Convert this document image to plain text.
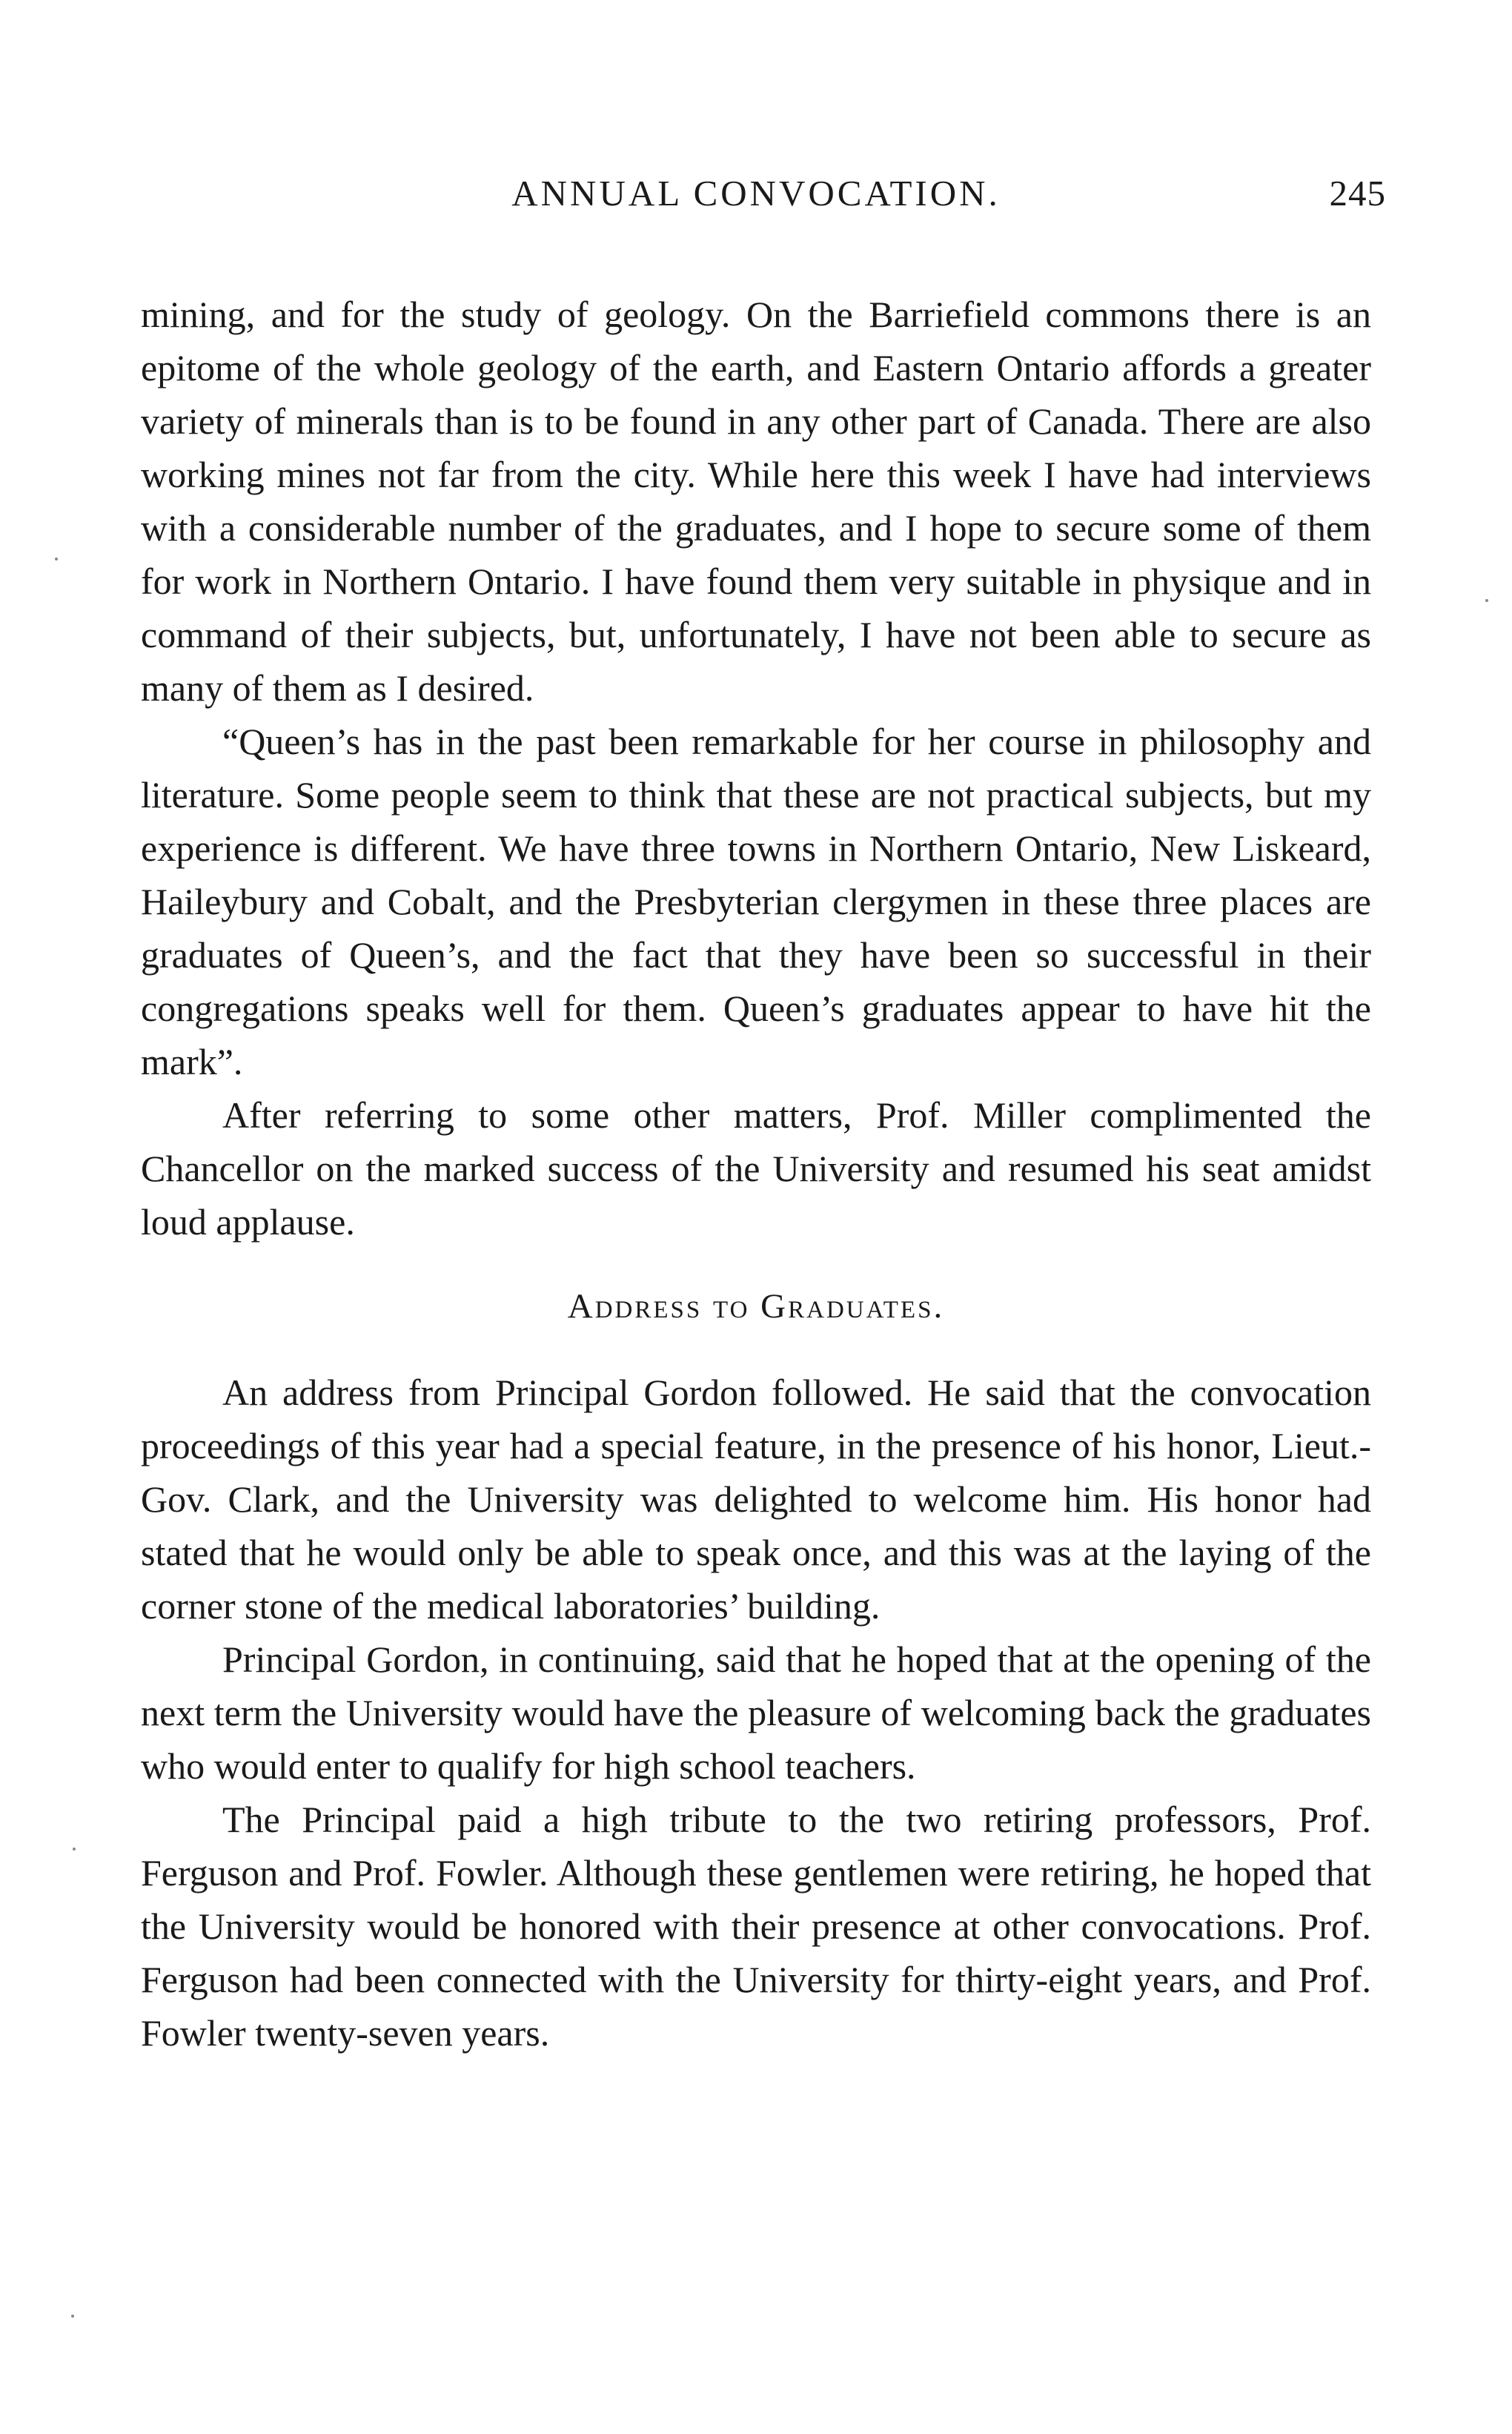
ANNUAL CONVOCATION.	245

mining, and for the study of geology. On the Barriefield commons there is an epitome of the whole geology of the earth, and Eastern Ontario affords a greater variety of minerals than is to be found in any other part of Canada. There are also working mines not far from the city. While here this week I have had interviews with a considerable number of the graduates, and I hope to secure some of them for work in Northern Ontario. I have found them very suitable in physique and in command of their subjects, but, unfortunately, I have not been able to secure as many of them as I desired.

“Queen’s has in the past been remarkable for her course in philosophy and literature. Some people seem to think that these are not practical subjects, but my experience is different. We have three towns in Northern Ontario, New Liskeard, Haileybury and Cobalt, and the Presbyterian clergymen in these three places are graduates of Queen’s, and the fact that they have been so successful in their congregations speaks well for them. Queen’s graduates appear to have hit the mark”.

After referring to some other matters, Prof. Miller complimented the Chancellor on the marked success of the University and resumed his seat amidst loud applause.

Address to Graduates.

An address from Principal Gordon followed. He said that the convocation proceedings of this year had a special feature, in the presence of his honor, Lieut.-Gov. Clark, and the University was delighted to welcome him. His honor had stated that he would only be able to speak once, and this was at the laying of the corner stone of the medical laboratories’ building.

Principal Gordon, in continuing, said that he hoped that at the opening of the next term the University would have the pleasure of welcoming back the graduates who would enter to qualify for high school teachers.

The Principal paid a high tribute to the two retiring professors, Prof. Ferguson and Prof. Fowler. Although these gentlemen were retiring, he hoped that the University would be honored with their presence at other convocations. Prof. Ferguson had been connected with the University for thirty-eight years, and Prof. Fowler twenty-seven years.
